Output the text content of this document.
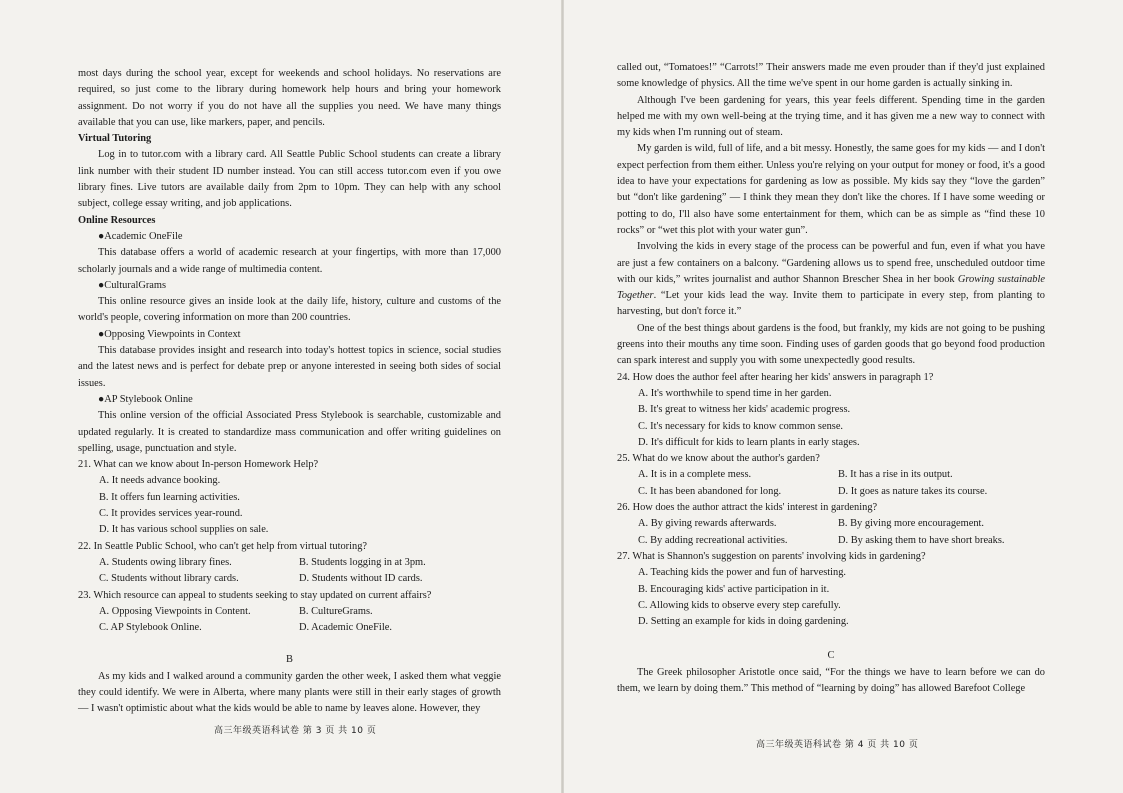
most days during the school year, except for weekends and school holidays. No reservations are required, so just come to the library during homework help hours and bring your homework assignment. Do not worry if you do not have all the supplies you need. We have many things available that you can use, like markers, paper, and pencils.

Virtual Tutoring

Log in to tutor.com with a library card. All Seattle Public School students can create a library link number with their student ID number instead. You can still access tutor.com even if you owe library fines. Live tutors are available daily from 2pm to 10pm. They can help with any school subject, college essay writing, and job applications.

Online Resources

●Academic OneFile

This database offers a world of academic research at your fingertips, with more than 17,000 scholarly journals and a wide range of multimedia content.

●CulturalGrams

This online resource gives an inside look at the daily life, history, culture and customs of the world's people, covering information on more than 200 countries.

●Opposing Viewpoints in Context

This database provides insight and research into today's hottest topics in science, social studies and the latest news and is perfect for debate prep or anyone interested in seeing both sides of social issues.

●AP Stylebook Online

This online version of the official Associated Press Stylebook is searchable, customizable and updated regularly. It is created to standardize mass communication and offer writing guidelines on spelling, usage, punctuation and style.

21. What can we know about In-person Homework Help?

A. It needs advance booking.

B. It offers fun learning activities.

C. It provides services year-round.

D. It has various school supplies on sale.

22. In Seattle Public School, who can't get help from virtual tutoring?

A. Students owing library fines.	B. Students logging in at 3pm.
C. Students without library cards.	D. Students without ID cards.

23. Which resource can appeal to students seeking to stay updated on current affairs?

A. Opposing Viewpoints in Content.	B. CultureGrams.
C. AP Stylebook Online.	D. Academic OneFile.

B

As my kids and I walked around a community garden the other week, I asked them what veggie they could identify. We were in Alberta, where many plants were still in their early stages of growth — I wasn't optimistic about what the kids would be able to name by leaves alone. However, they

高三年级英语科试卷 第 3 页 共 10 页

called out, “Tomatoes!” “Carrots!” Their answers made me even prouder than if they'd just explained some knowledge of physics. All the time we've spent in our home garden is actually sinking in.

Although I've been gardening for years, this year feels different. Spending time in the garden helped me with my own well-being at the trying time, and it has given me a new way to connect with my kids when I'm running out of steam.

My garden is wild, full of life, and a bit messy. Honestly, the same goes for my kids — and I don't expect perfection from them either. Unless you're relying on your output for money or food, it's a good idea to have your expectations for gardening as low as possible. My kids say they “love the garden” but “don't like gardening” — I think they mean they don't like the chores. If I have some weeding or potting to do, I'll also have some entertainment for them, which can be as simple as “find these 10 rocks” or “wet this plot with your water gun”.

Involving the kids in every stage of the process can be powerful and fun, even if what you have are just a few containers on a balcony. “Gardening allows us to spend free, unscheduled outdoor time with our kids,” writes journalist and author Shannon Brescher Shea in her book Growing sustainable Together. “Let your kids lead the way. Invite them to participate in every step, from planting to harvesting, but don't force it.”

One of the best things about gardens is the food, but frankly, my kids are not going to be pushing greens into their mouths any time soon. Finding uses of garden goods that go beyond food production can spark interest and supply you with some unexpectedly good results.

24. How does the author feel after hearing her kids' answers in paragraph 1?

A. It's worthwhile to spend time in her garden.

B. It's great to witness her kids' academic progress.

C. It's necessary for kids to know common sense.

D. It's difficult for kids to learn plants in early stages.

25. What do we know about the author's garden?

A. It is in a complete mess.	B. It has a rise in its output.
C. It has been abandoned for long.	D. It goes as nature takes its course.

26. How does the author attract the kids' interest in gardening?

A. By giving rewards afterwards.	B. By giving more encouragement.
C. By adding recreational activities.	D. By asking them to have short breaks.

27. What is Shannon's suggestion on parents' involving kids in gardening?

A. Teaching kids the power and fun of harvesting.

B. Encouraging kids' active participation in it.

C. Allowing kids to observe every step carefully.

D. Setting an example for kids in doing gardening.

C

The Greek philosopher Aristotle once said, “For the things we have to learn before we can do them, we learn by doing them.” This method of “learning by doing” has allowed Barefoot College

高三年级英语科试卷 第 4 页 共 10 页
